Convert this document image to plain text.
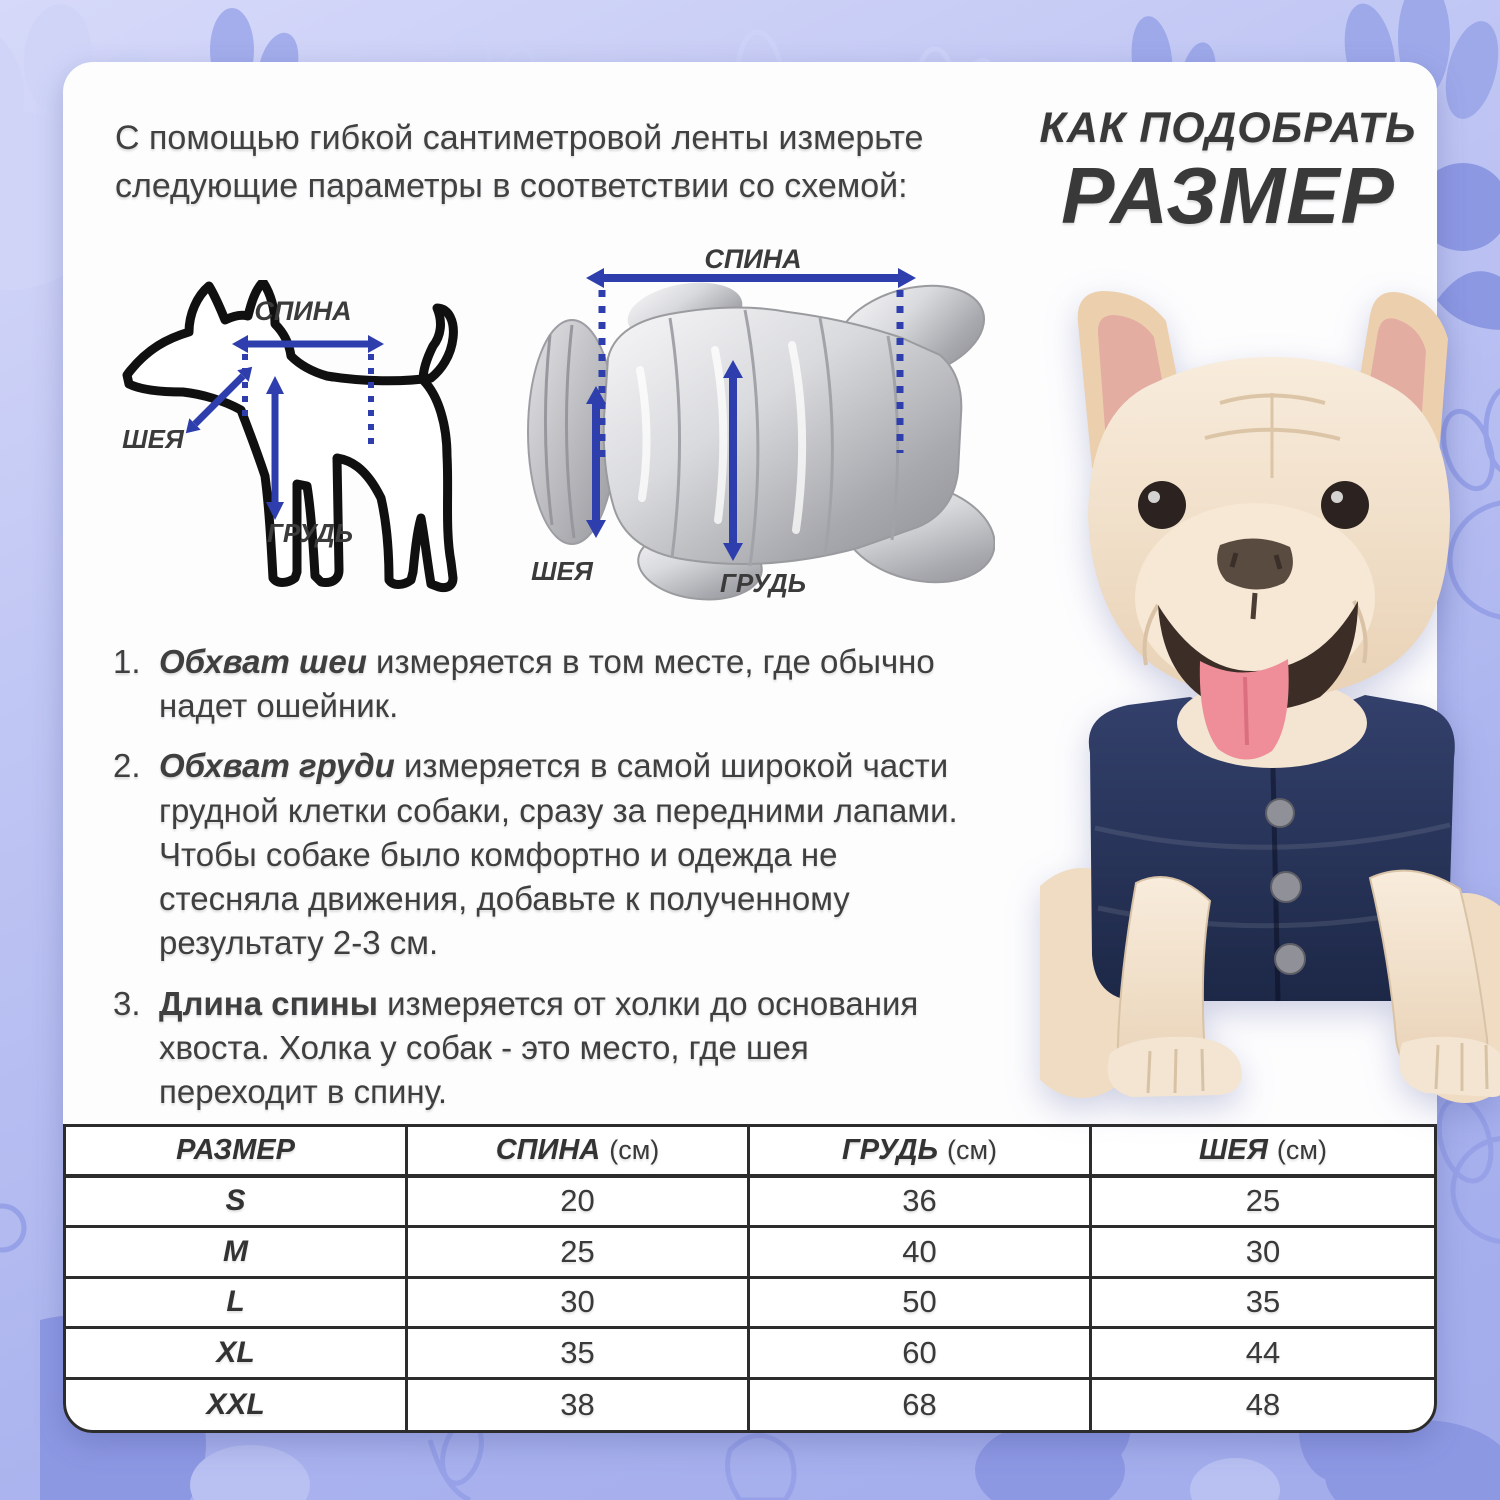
С помощью гибкой сантиметровой ленты измерьте следующие параметры в соответствии со схемой:
КАК ПОДОБРАТЬ
РАЗМЕР
СПИНА
ШЕЯ
ГРУДЬ
СПИНА
ШЕЯ	ГРУДЬ
1. Обхват шеи измеряется в том месте, где обычно надет ошейник.
2. Обхват груди измеряется в самой широкой части грудной клетки собаки, сразу за передними лапами. Чтобы собаке было комфортно и одежда не стесняла движения, добавьте к полученному результату 2-3 см.
3. Длина спины измеряется от холки до основания хвоста. Холка у собак - это место, где шея переходит в спину.
РАЗМЕР	СПИНА (см)	ГРУДЬ (см)	ШЕЯ (см)
S	20	36	25
M	25	40	30
L	30	50	35
XL	35	60	44
XXL	38	68	48
